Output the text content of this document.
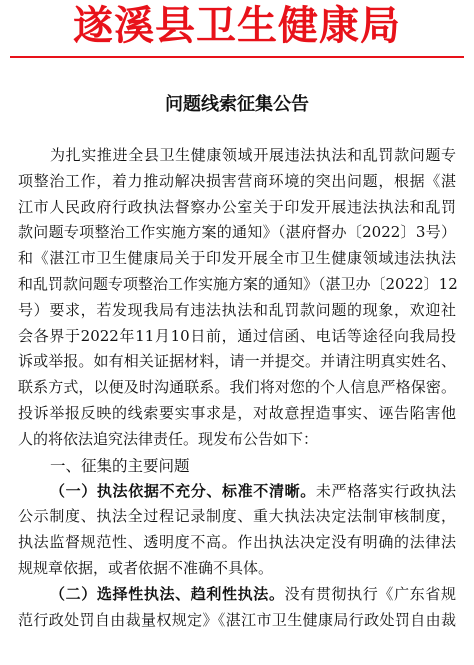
遂溪县卫生健康局
问题线索征集公告
为扎实推进全县卫生健康领域开展违法执法和乱罚款问题专
项整治工作，着力推动解决损害营商环境的突出问题，根据《湛
江市人民政府行政执法督察办公室关于印发开展违法执法和乱罚
款问题专项整治工作实施方案的通知》（湛府督办〔2022〕3号）
和《湛江市卫生健康局关于印发开展全市卫生健康领域违法执法
和乱罚款问题专项整治工作实施方案的通知》（湛卫办〔2022〕12
号）要求，若发现我局有违法执法和乱罚款问题的现象，欢迎社
会各界于2022年11月10日前，通过信函、电话等途径向我局投
诉或举报。如有相关证据材料，请一并提交。并请注明真实姓名、
联系方式，以便及时沟通联系。我们将对您的个人信息严格保密。
投诉举报反映的线索要实事求是，对故意捏造事实、诬告陷害他
人的将依法追究法律责任。现发布公告如下：
一、征集的主要问题
（一）执法依据不充分、标准不清晰。未严格落实行政执法
公示制度、执法全过程记录制度、重大执法决定法制审核制度，
执法监督规范性、透明度不高。作出执法决定没有明确的法律法
规规章依据，或者依据不准确不具体。
（二）选择性执法、趋利性执法。没有贯彻执行《广东省规
范行政处罚自由裁量权规定》《湛江市卫生健康局行政处罚自由裁
